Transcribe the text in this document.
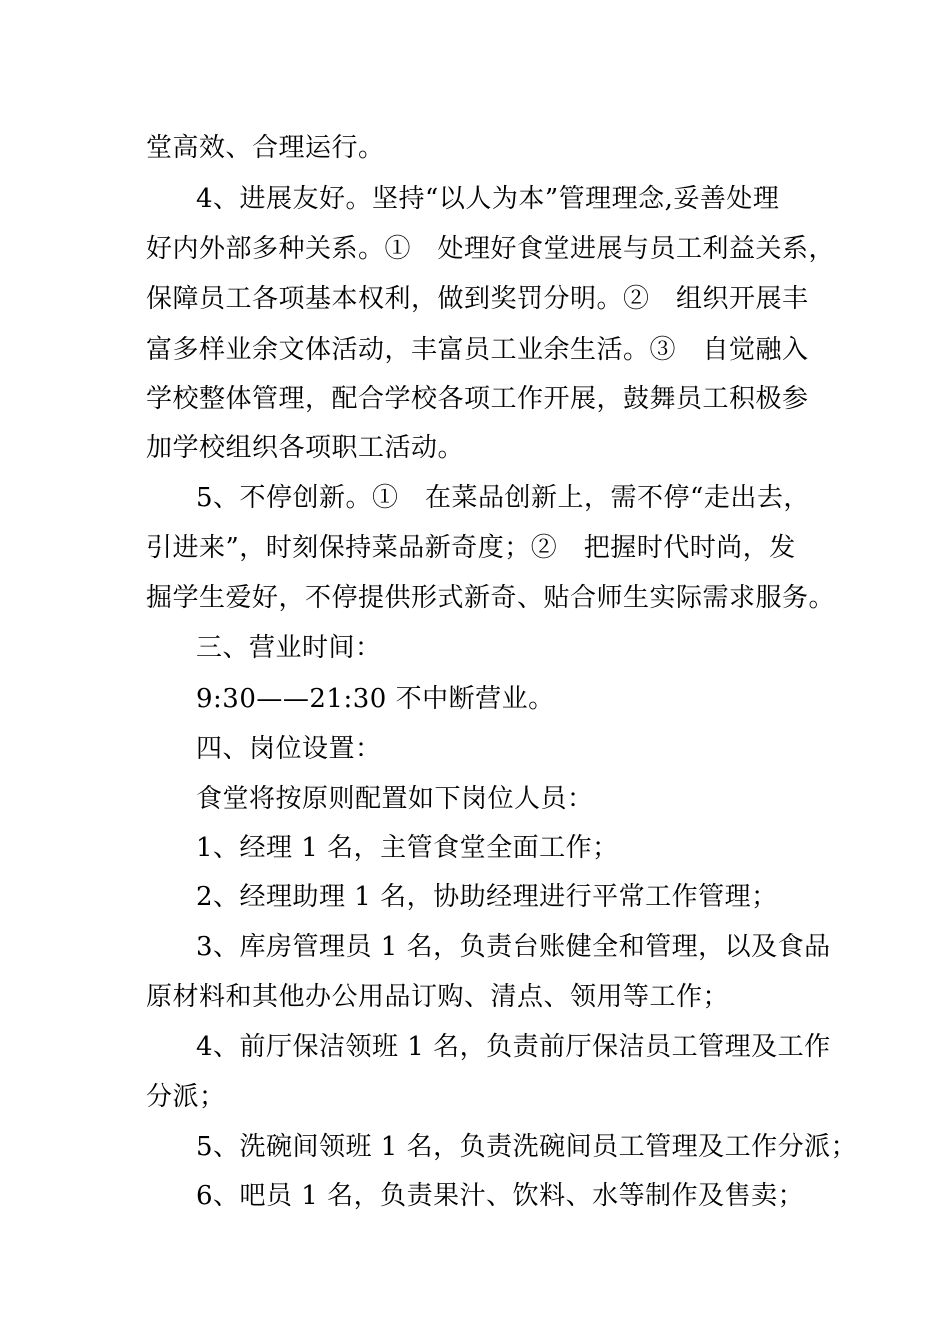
堂高效、合理运行。
4、进展友好。坚持“以人为本”管理理念,妥善处理
好内外部多种关系。①　处理好食堂进展与员工利益关系，
保障员工各项基本权利，做到奖罚分明。②　组织开展丰
富多样业余文体活动，丰富员工业余生活。③　自觉融入
学校整体管理，配合学校各项工作开展，鼓舞员工积极参
加学校组织各项职工活动。
5、不停创新。①　在菜品创新上，需不停“走出去，
引进来”，时刻保持菜品新奇度；②　把握时代时尚，发
掘学生爱好，不停提供形式新奇、贴合师生实际需求服务。
三、营业时间：
9:30——21:30 不中断营业。
四、岗位设置：
食堂将按原则配置如下岗位人员：
1、经理 1 名，主管食堂全面工作；
2、经理助理 1 名，协助经理进行平常工作管理；
3、库房管理员 1 名，负责台账健全和管理，以及食品
原材料和其他办公用品订购、清点、领用等工作；
4、前厅保洁领班 1 名，负责前厅保洁员工管理及工作
分派；
5、洗碗间领班 1 名，负责洗碗间员工管理及工作分派；
6、吧员 1 名，负责果汁、饮料、水等制作及售卖；
